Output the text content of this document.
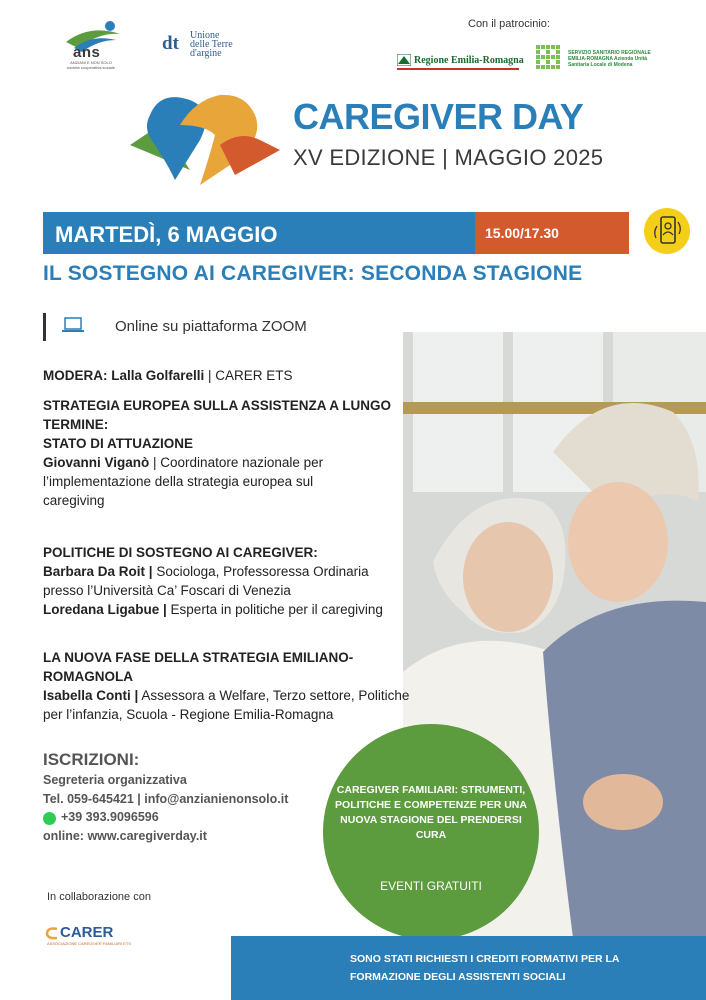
ans
ANZIANI E NON SOLO società cooperativa sociale
dt Unione delle Terre d'argine
Con il patrocinio:
Regione Emilia-Romagna
SERVIZIO SANITARIO REGIONALE EMILIA-ROMAGNA Azienda Unità Sanitaria Locale di Modena
CAREGIVER DAY
XV EDIZIONE | MAGGIO 2025
MARTEDÌ, 6 MAGGIO	15.00/17.30
IL SOSTEGNO AI CAREGIVER: SECONDA STAGIONE
Online su piattaforma ZOOM
MODERA: Lalla Golfarelli | CARER ETS
STRATEGIA EUROPEA SULLA ASSISTENZA A LUNGO TERMINE:
STATO DI ATTUAZIONE
Giovanni Viganò | Coordinatore nazionale per l’implementazione della strategia europea sul caregiving
POLITICHE DI SOSTEGNO AI CAREGIVER:
Barbara Da Roit | Sociologa, Professoressa Ordinaria presso l’Università Ca’ Foscari di Venezia
Loredana Ligabue | Esperta in politiche per il caregiving
LA NUOVA FASE DELLA STRATEGIA EMILIANO-ROMAGNOLA
Isabella Conti | Assessora a Welfare, Terzo settore, Politiche per l’infanzia, Scuola - Regione Emilia-Romagna
ISCRIZIONI:
Segreteria organizzativa
Tel. 059-645421 | info@anzianienonsolo.it
+39 393.9096596
online: www.caregiverday.it
CAREGIVER FAMILIARI: STRUMENTI, POLITICHE E COMPETENZE PER UNA NUOVA STAGIONE DEL PRENDERSI CURA
EVENTI GRATUITI
In collaborazione con
CARER
ASSOCIAZIONE CAREGIVER FAMILIARI ETS
SONO STATI RICHIESTI I CREDITI FORMATIVI PER LA FORMAZIONE DEGLI ASSISTENTI SOCIALI
